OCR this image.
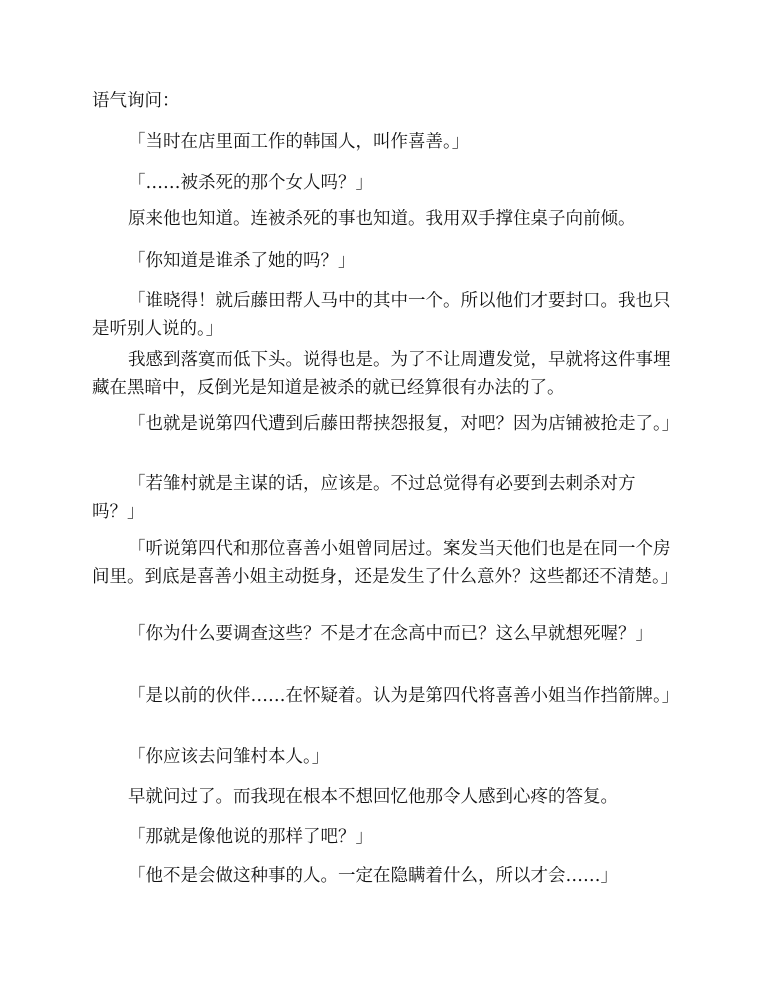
语气询问：

「当时在店里面工作的韩国人，叫作喜善。」

「……被杀死的那个女人吗？」

原来他也知道。连被杀死的事也知道。我用双手撑住桌子向前倾。

「你知道是谁杀了她的吗？」

「谁晓得！就后藤田帮人马中的其中一个。所以他们才要封口。我也只是听别人说的。」

我感到落寞而低下头。说得也是。为了不让周遭发觉，早就将这件事埋藏在黑暗中，反倒光是知道是被杀的就已经算很有办法的了。

「也就是说第四代遭到后藤田帮挟怨报复，对吧？因为店铺被抢走了。」

「若雏村就是主谋的话，应该是。不过总觉得有必要到去刺杀对方吗？」

「听说第四代和那位喜善小姐曾同居过。案发当天他们也是在同一个房间里。到底是喜善小姐主动挺身，还是发生了什么意外？这些都还不清楚。」

「你为什么要调查这些？不是才在念高中而已？这么早就想死喔？」

「是以前的伙伴……在怀疑着。认为是第四代将喜善小姐当作挡箭牌。」

「你应该去问雏村本人。」

早就问过了。而我现在根本不想回忆他那令人感到心疼的答复。

「那就是像他说的那样了吧？」

「他不是会做这种事的人。一定在隐瞒着什么，所以才会……」
